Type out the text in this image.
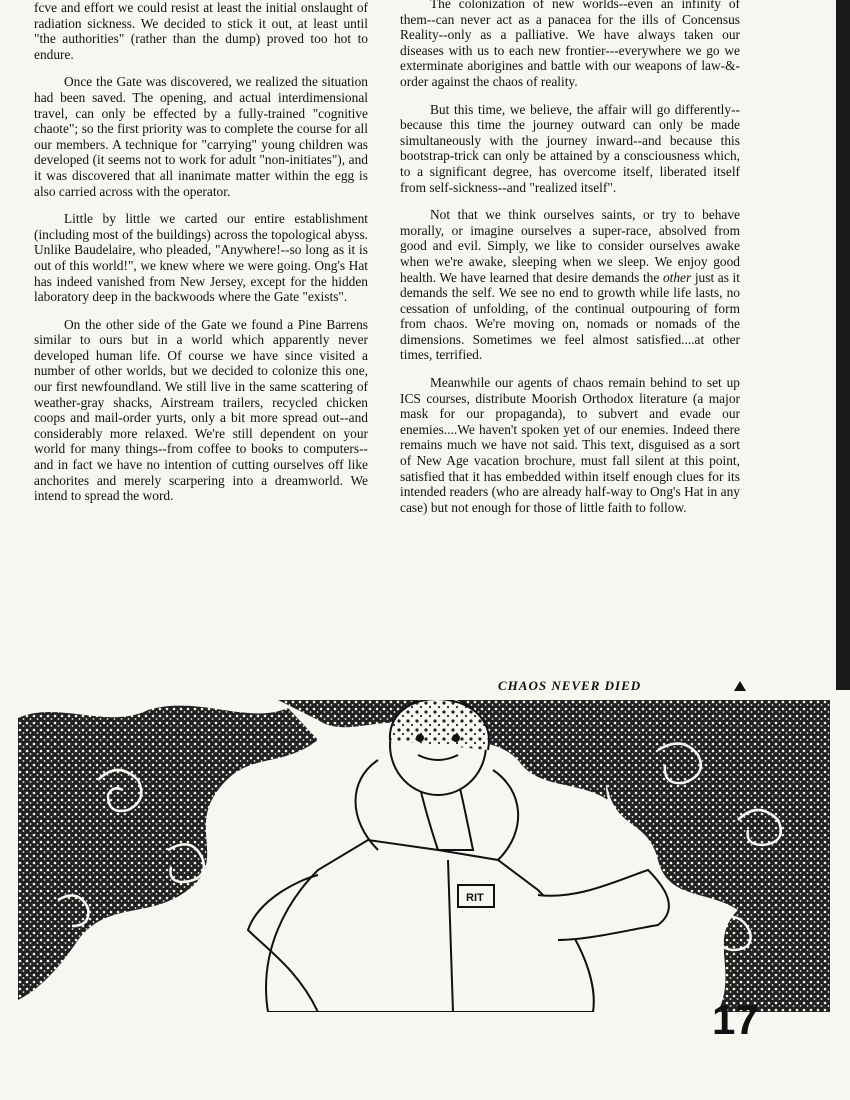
fcve and effort we could resist at least the initial onslaught of radiation sickness. We decided to stick it out, at least until "the authorities" (rather than the dump) proved too hot to endure.

Once the Gate was discovered, we realized the situation had been saved. The opening, and actual interdimensional travel, can only be effected by a fully-trained "cognitive chaote"; so the first priority was to complete the course for all our members. A technique for "carrying" young children was developed (it seems not to work for adult "non-initiates"), and it was discovered that all inanimate matter within the egg is also carried across with the operator.

Little by little we carted our entire establishment (including most of the buildings) across the topological abyss. Unlike Baudelaire, who pleaded, "Anywhere!--so long as it is out of this world!", we knew where we were going. Ong's Hat has indeed vanished from New Jersey, except for the hidden laboratory deep in the backwoods where the Gate "exists".

On the other side of the Gate we found a Pine Barrens similar to ours but in a world which apparently never developed human life. Of course we have since visited a number of other worlds, but we decided to colonize this one, our first newfoundland. We still live in the same scattering of weather-gray shacks, Airstream trailers, recycled chicken coops and mail-order yurts, only a bit more spread out--and considerably more relaxed. We're still dependent on your world for many things--from coffee to books to computers--and in fact we have no intention of cutting ourselves off like anchorites and merely scarpering into a dreamworld. We intend to spread the word.

The colonization of new worlds--even an infinity of them--can never act as a panacea for the ills of Concensus Reality--only as a palliative. We have always taken our diseases with us to each new frontier---everywhere we go we exterminate aborigines and battle with our weapons of law-&-order against the chaos of reality.

But this time, we believe, the affair will go differently--because this time the journey outward can only be made simultaneously with the journey inward--and because this bootstrap-trick can only be attained by a consciousness which, to a significant degree, has overcome itself, liberated itself from self-sickness--and "realized itself".

Not that we think ourselves saints, or try to behave morally, or imagine ourselves a super-race, absolved from good and evil. Simply, we like to consider ourselves awake when we're awake, sleeping when we sleep. We enjoy good health. We have learned that desire demands the other just as it demands the self. We see no end to growth while life lasts, no cessation of unfolding, of the continual outpouring of form from chaos. We're moving on, nomads or nomads of the dimensions. Sometimes we feel almost satisfied....at other times, terrified.

Meanwhile our agents of chaos remain behind to set up ICS courses, distribute Moorish Orthodox literature (a major mask for our propaganda), to subvert and evade our enemies....We haven't spoken yet of our enemies. Indeed there remains much we have not said. This text, disguised as a sort of New Age vacation brochure, must fall silent at this point, satisfied that it has embedded within itself enough clues for its intended readers (who are already half-way to Ong's Hat in any case) but not enough for those of little faith to follow.

CHAOS NEVER DIED
RIT
17
